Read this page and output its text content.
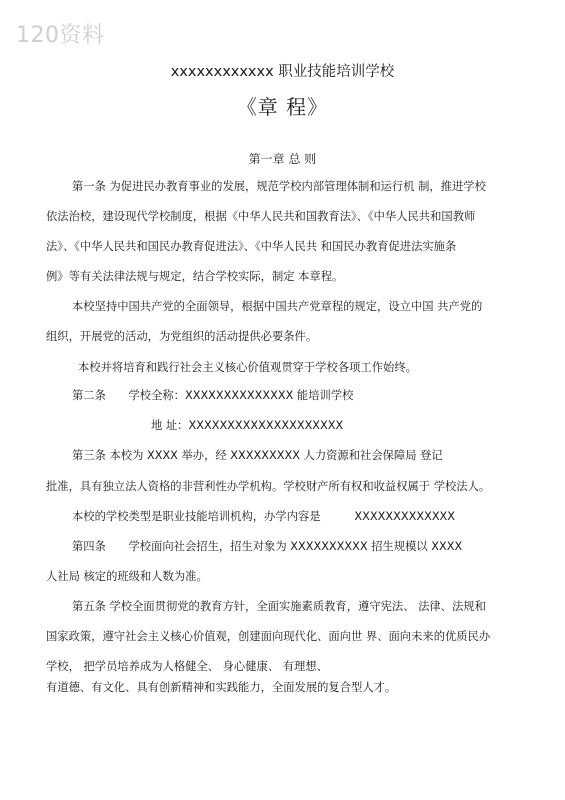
120资料
xxxxxxxxxxxx 职业技能培训学校
《章 程》
第一章 总 则
第一条 为促进民办教育事业的发展，规范学校内部管理体制和运行机 制，推进学校
依法治校，建设现代学校制度，根据《中华人民共和国教育法》、《中华人民共和国教师
法》、《中华人民共和国民办教育促进法》、《中华人民共 和国民办教育促进法实施条
例》等有关法律法规与规定，结合学校实际，制定 本章程。
本校坚持中国共产党的全面领导，根据中国共产党章程的规定，设立中国 共产党的
组织，开展党的活动，为党组织的活动提供必要条件。
本校并将培育和践行社会主义核心价值观贯穿于学校各项工作始终。
第二条　　学校全称：XXXXXXXXXXXXXX 能培训学校
地 址：XXXXXXXXXXXXXXXXXXXX
第三条 本校为 XXXX 举办，经 XXXXXXXXX 人力资源和社会保障局 登记
批准，具有独立法人资格的非营利性办学机构。学校财产所有权和收益权属于 学校法人。
本校的学校类型是职业技能培训机构，办学内容是　　　XXXXXXXXXXXXX
第四条　　学校面向社会招生，招生对象为 XXXXXXXXXX 招生规模以 XXXX
人社局 核定的班级和人数为准。
第五条 学校全面贯彻党的教育方针，全面实施素质教育，遵守宪法、 法律、法规和
国家政策，遵守社会主义核心价值观，创建面向现代化、面向世 界、面向未来的优质民办
学校， 把学员培养成为人格健全、 身心健康、 有理想、
有道德、有文化、具有创新精神和实践能力，全面发展的复合型人才。
